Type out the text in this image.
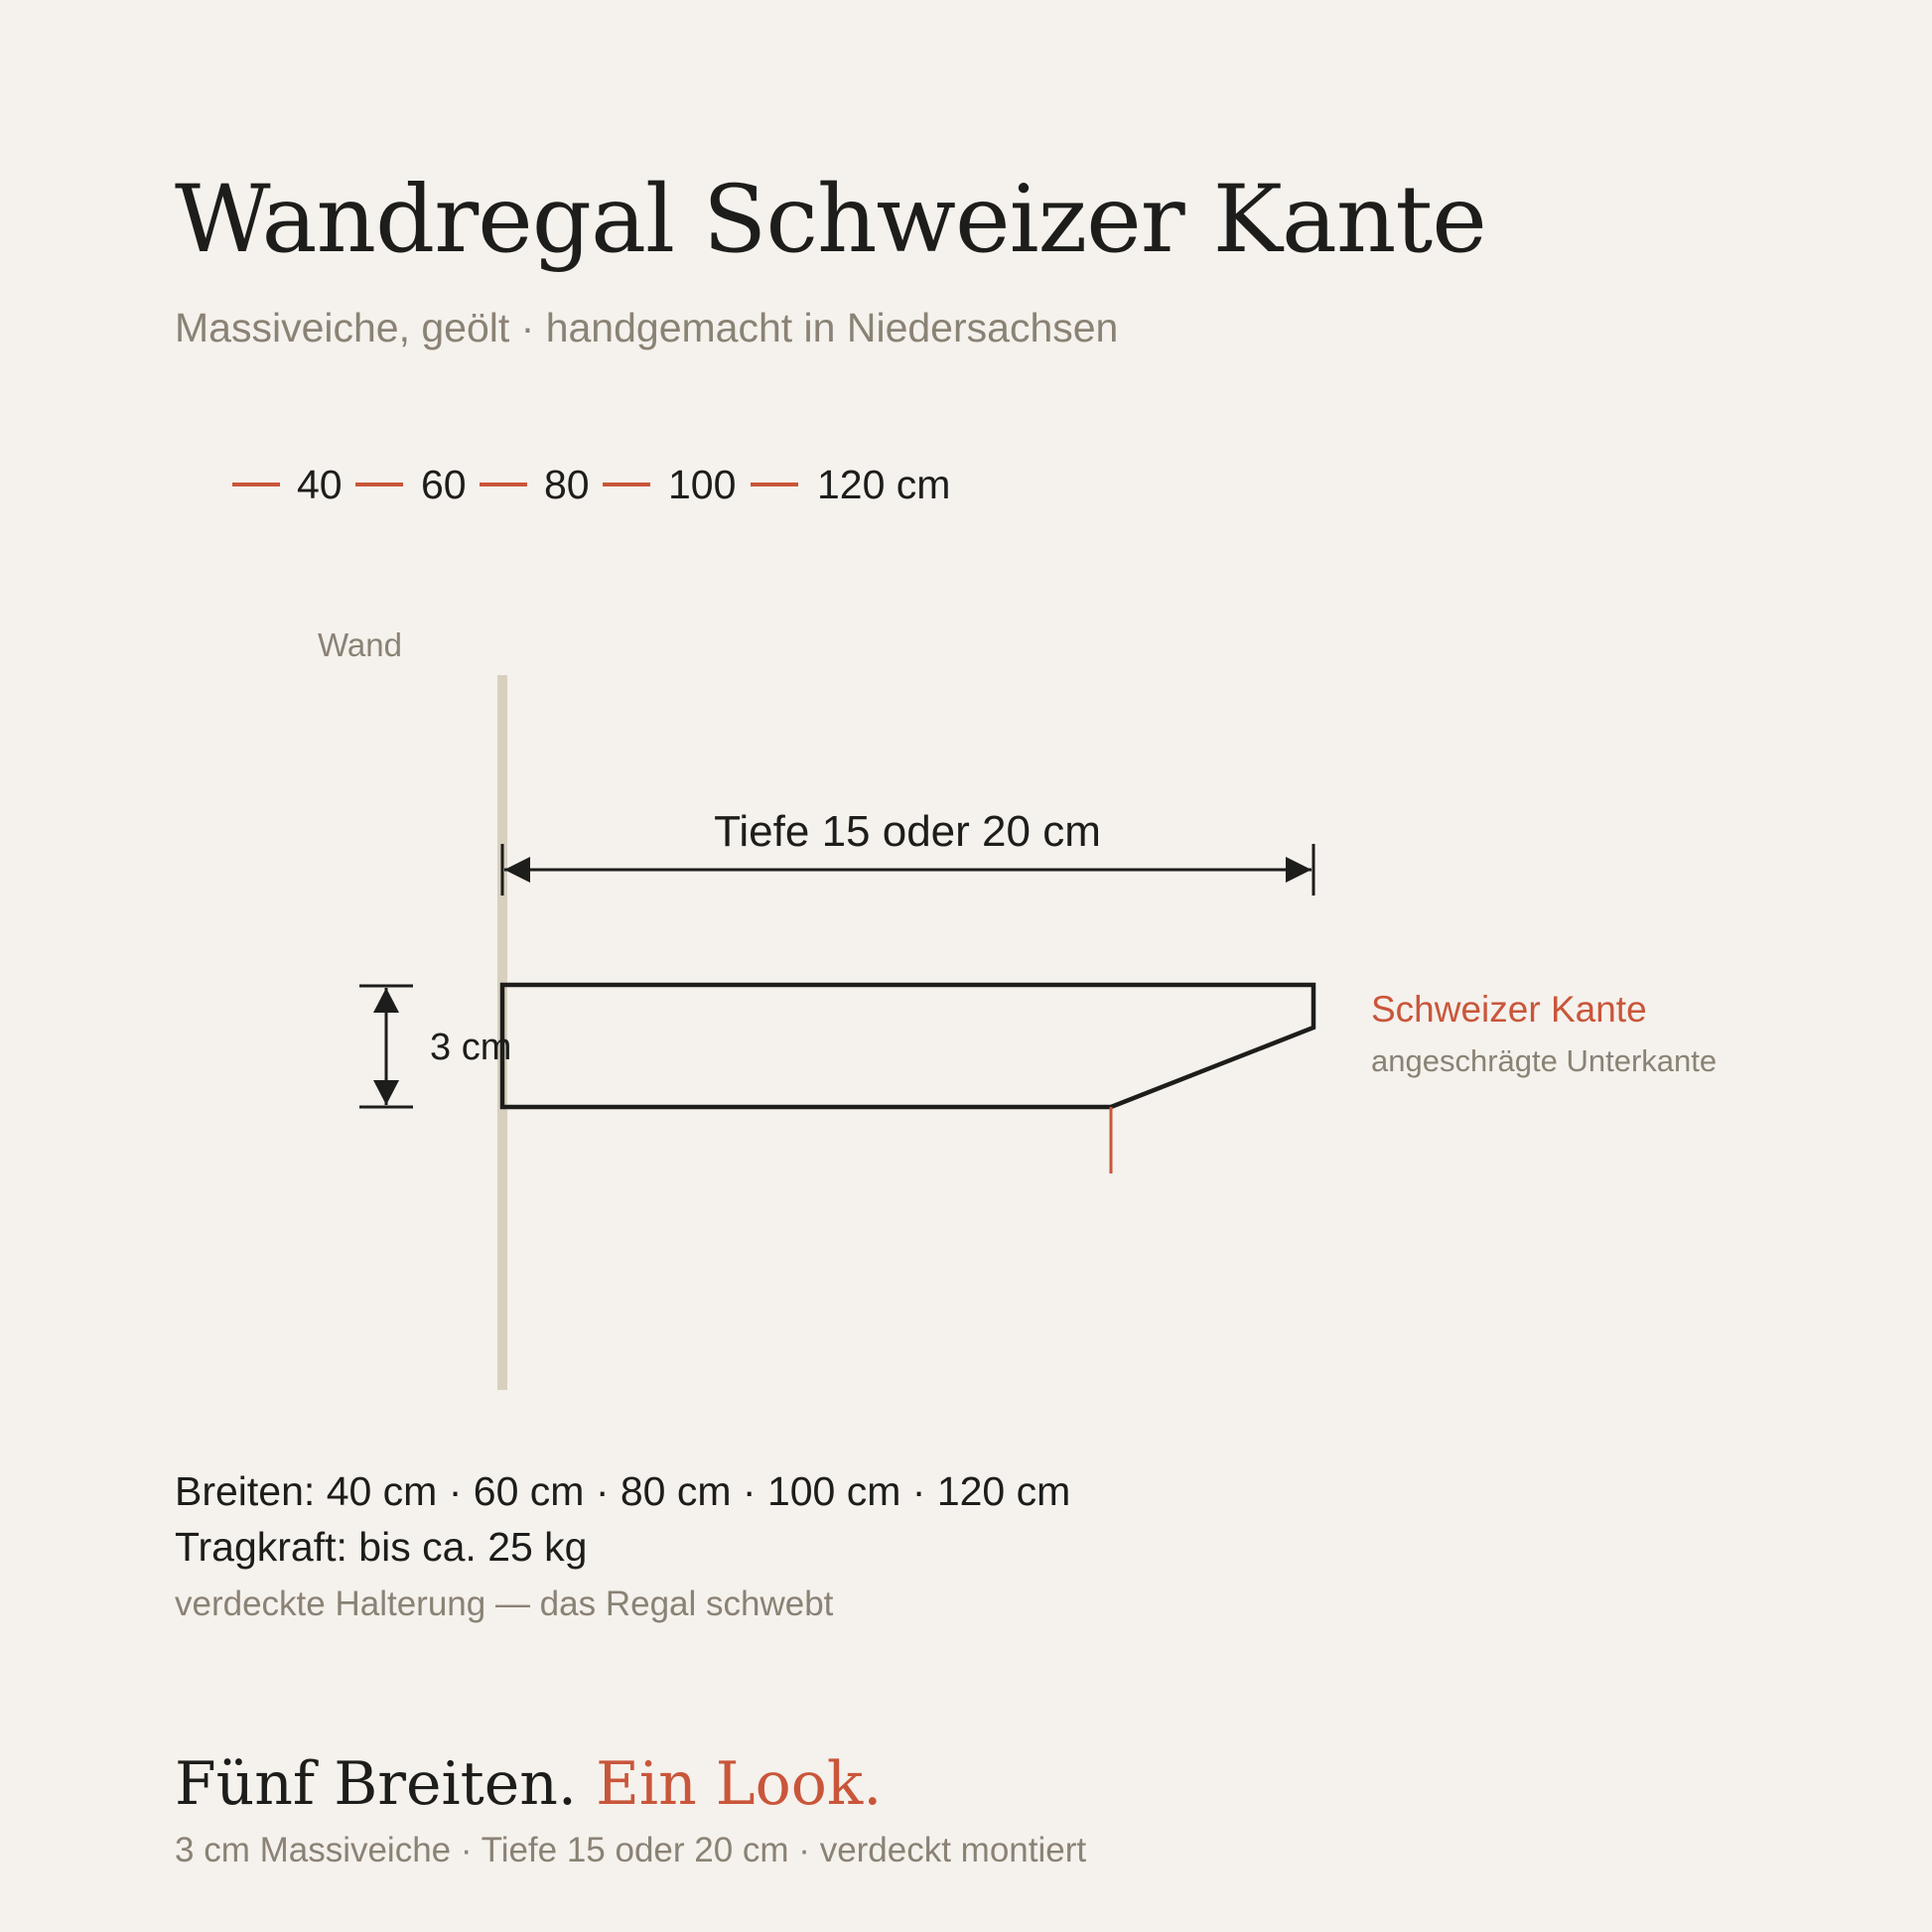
Wandregal Schweizer Kante
Massiveiche, geölt · handgemacht in Niedersachsen
40 60 80 100 120 cm
Wand
Tiefe 15 oder 20 cm
3 cm
Schweizer Kante
angeschrägte Unterkante
Breiten: 40 cm · 60 cm · 80 cm · 100 cm · 120 cm
Tragkraft: bis ca. 25 kg
verdeckte Halterung — das Regal schwebt
Fünf Breiten. Ein Look.
3 cm Massiveiche · Tiefe 15 oder 20 cm · verdeckt montiert
